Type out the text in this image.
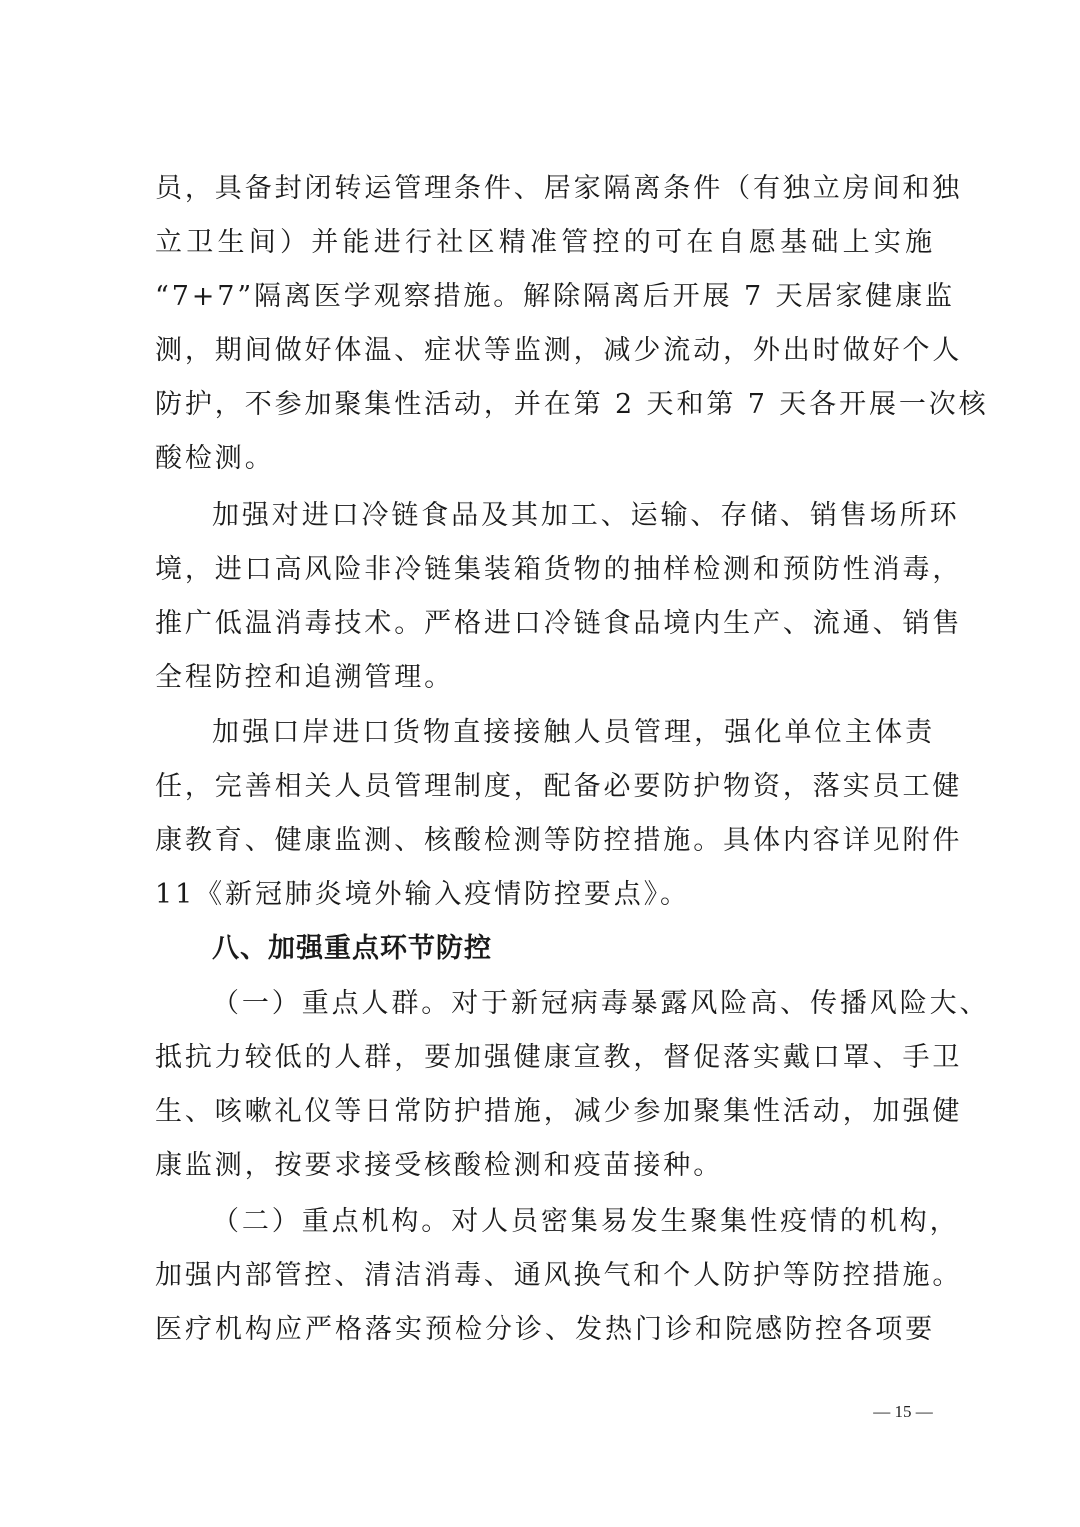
员，具备封闭转运管理条件、居家隔离条件（有独立房间和独
立卫生间）并能进行社区精准管控的可在自愿基础上实施
“7+7”隔离医学观察措施。解除隔离后开展 7 天居家健康监
测，期间做好体温、症状等监测，减少流动，外出时做好个人
防护，不参加聚集性活动，并在第 2 天和第 7 天各开展一次核
酸检测。
加强对进口冷链食品及其加工、运输、存储、销售场所环
境，进口高风险非冷链集装箱货物的抽样检测和预防性消毒，
推广低温消毒技术。严格进口冷链食品境内生产、流通、销售
全程防控和追溯管理。
加强口岸进口货物直接接触人员管理，强化单位主体责
任，完善相关人员管理制度，配备必要防护物资，落实员工健
康教育、健康监测、核酸检测等防控措施。具体内容详见附件
11《新冠肺炎境外输入疫情防控要点》。
八、加强重点环节防控
（一）重点人群。对于新冠病毒暴露风险高、传播风险大、
抵抗力较低的人群，要加强健康宣教，督促落实戴口罩、手卫
生、咳嗽礼仪等日常防护措施，减少参加聚集性活动，加强健
康监测，按要求接受核酸检测和疫苗接种。
（二）重点机构。对人员密集易发生聚集性疫情的机构，
加强内部管控、清洁消毒、通风换气和个人防护等防控措施。
医疗机构应严格落实预检分诊、发热门诊和院感防控各项要
— 15 —
